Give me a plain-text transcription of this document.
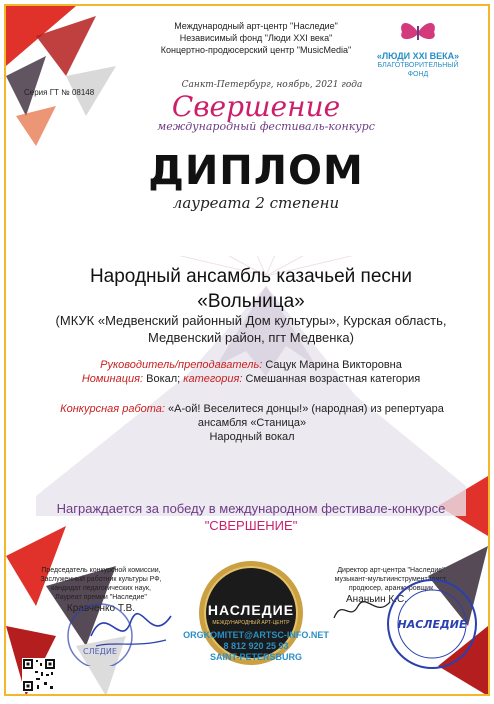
Международный арт-центр "Наследие"
Независимый фонд "Люди XXI века"
Концертно-продюсерский центр "MusicMedia"
«ЛЮДИ XXI ВЕКА»
БЛАГОТВОРИТЕЛЬНЫЙ
ФОНД
Серия ГТ № 08148
Санкт-Петербург, ноябрь, 2021 года
Свершение
международный фестиваль-конкурс
ДИПЛОМ
лауреата 2 степени
Народный ансамбль казачьей песни
«Вольница»
(МКУК «Медвенский районный Дом культуры», Курская область,
Медвенский район, пгт Медвенка)
Руководитель/преподаватель: Сацук Марина Викторовна
Номинация: Вокал; категория: Смешанная возрастная категория
Конкурсная работа: «А-ой! Веселитеся донцы!» (народная) из репертуара
ансамбля «Станица»
Народный вокал
Награждается за победу в международном фестивале-конкурсе
"СВЕРШЕНИЕ"
Председатель конкурсной комиссии,
Заслуженный работник культуры РФ,
кандидат педагогических наук,
Лауреат премии "Наследие"
Кравченко Т.В.
Директор арт-центра "Наследие"
музыкант-мультиинструменталист,
продюсер, аранжировщик
Ананьин К.С.
НАСЛЕДИЕ
СЛЕДИЕ
НАСЛЕДИЕ
МЕЖДУНАРОДНЫЙ АРТ-ЦЕНТР
ORGKOMITET@ARTSC-INFO.NET
8 812 920 25 93
SAINT-PETERSBURG
